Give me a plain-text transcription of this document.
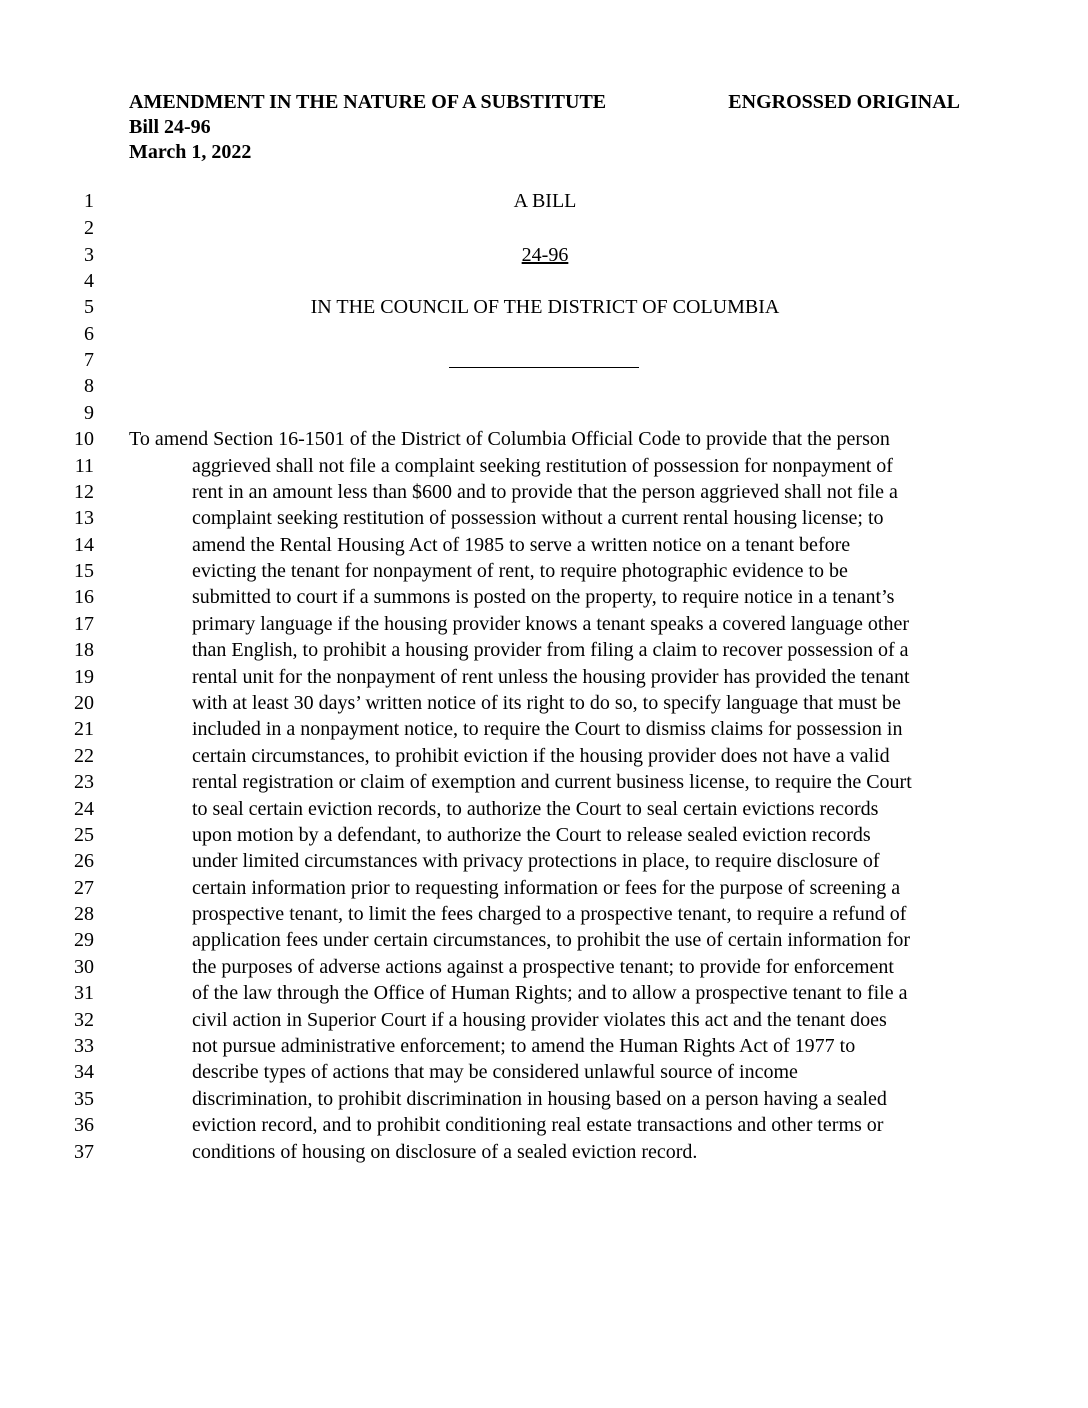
AMENDMENT IN THE NATURE OF A SUBSTITUTE	ENGROSSED ORIGINAL
Bill 24-96
March 1, 2022
1
2
3
4
5
6
7
8
9
10
11
12
13
14
15
16
17
18
19
20
21
22
23
24
25
26
27
28
29
30
31
32
33
34
35
36
37
A BILL
24-96
IN THE COUNCIL OF THE DISTRICT OF COLUMBIA
To amend Section 16-1501 of the District of Columbia Official Code to provide that the person
aggrieved shall not file a complaint seeking restitution of possession for nonpayment of
rent in an amount less than $600 and to provide that the person aggrieved shall not file a
complaint seeking restitution of possession without a current rental housing license; to
amend the Rental Housing Act of 1985 to serve a written notice on a tenant before
evicting the tenant for nonpayment of rent, to require photographic evidence to be
submitted to court if a summons is posted on the property, to require notice in a tenant’s
primary language if the housing provider knows a tenant speaks a covered language other
than English, to prohibit a housing provider from filing a claim to recover possession of a
rental unit for the nonpayment of rent unless the housing provider has provided the tenant
with at least 30 days’ written notice of its right to do so, to specify language that must be
included in a nonpayment notice, to require the Court to dismiss claims for possession in
certain circumstances, to prohibit eviction if the housing provider does not have a valid
rental registration or claim of exemption and current business license, to require the Court
to seal certain eviction records, to authorize the Court to seal certain evictions records
upon motion by a defendant, to authorize the Court to release sealed eviction records
under limited circumstances with privacy protections in place, to require disclosure of
certain information prior to requesting information or fees for the purpose of screening a
prospective tenant, to limit the fees charged to a prospective tenant, to require a refund of
application fees under certain circumstances, to prohibit the use of certain information for
the purposes of adverse actions against a prospective tenant; to provide for enforcement
of the law through the Office of Human Rights; and to allow a prospective tenant to file a
civil action in Superior Court if a housing provider violates this act and the tenant does
not pursue administrative enforcement; to amend the Human Rights Act of 1977 to
describe types of actions that may be considered unlawful source of income
discrimination, to prohibit discrimination in housing based on a person having a sealed
eviction record, and to prohibit conditioning real estate transactions and other terms or
conditions of housing on disclosure of a sealed eviction record.
